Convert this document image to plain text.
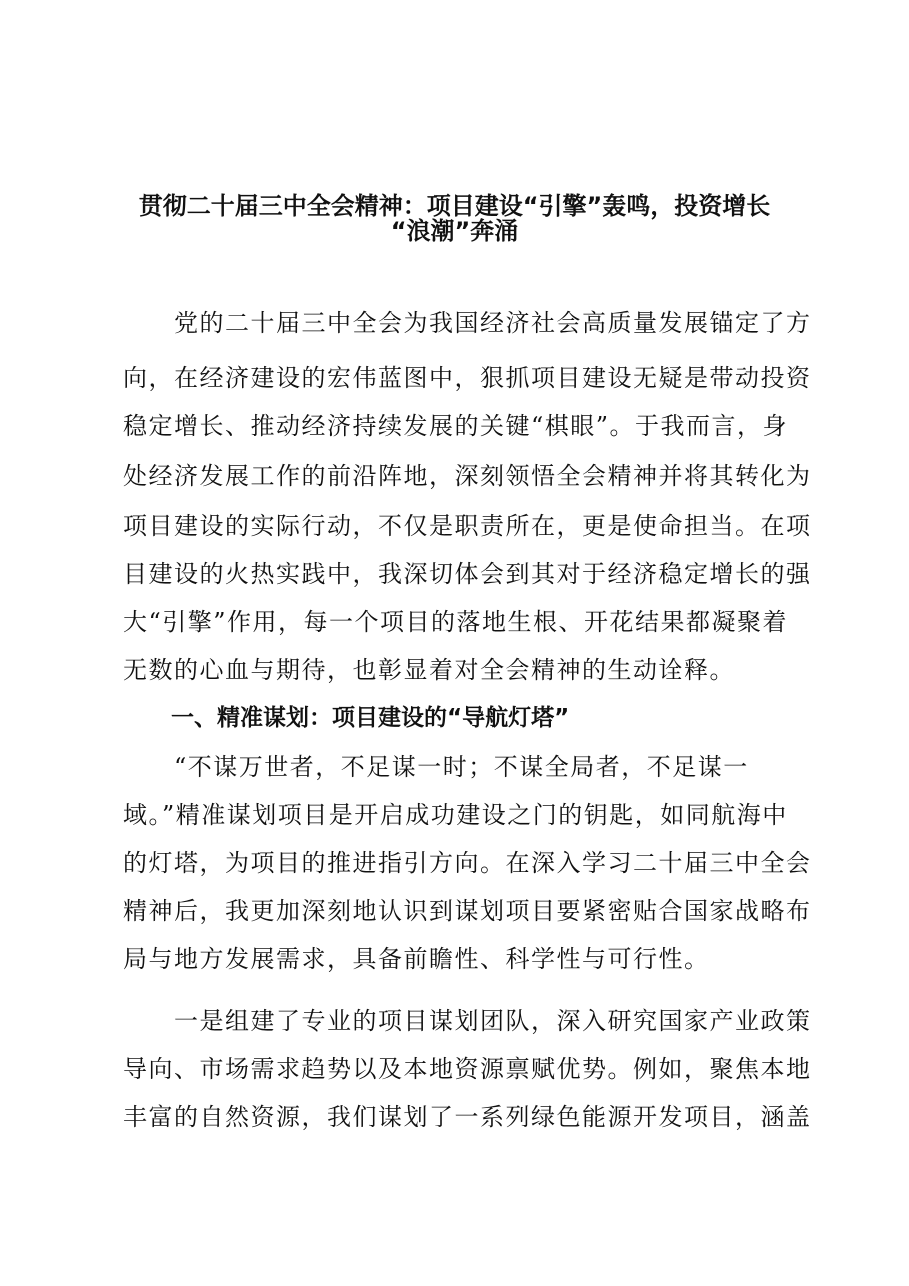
贯彻二十届三中全会精神：项目建设“引擎”轰鸣，投资增长
　　党的二十届三中全会为我国经济社会高质量发展锚定了方
向，在经济建设的宏伟蓝图中，狠抓项目建设无疑是带动投资
稳定增长、推动经济持续发展的关键“棋眼”。于我而言，身
处经济发展工作的前沿阵地，深刻领悟全会精神并将其转化为
项目建设的实际行动，不仅是职责所在，更是使命担当。在项
目建设的火热实践中，我深切体会到其对于经济稳定增长的强
大“引擎”作用，每一个项目的落地生根、开花结果都凝聚着
无数的心血与期待，也彰显着对全会精神的生动诠释。
一、精准谋划：项目建设的“导航灯塔”
　　“不谋万世者，不足谋一时；不谋全局者，不足谋一
域。”精准谋划项目是开启成功建设之门的钥匙，如同航海中
的灯塔，为项目的推进指引方向。在深入学习二十届三中全会
精神后，我更加深刻地认识到谋划项目要紧密贴合国家战略布
局与地方发展需求，具备前瞻性、科学性与可行性。
　　一是组建了专业的项目谋划团队，深入研究国家产业政策
导向、市场需求趋势以及本地资源禀赋优势。例如，聚焦本地
丰富的自然资源，我们谋划了一系列绿色能源开发项目，涵盖
“浪潮”奔涌
